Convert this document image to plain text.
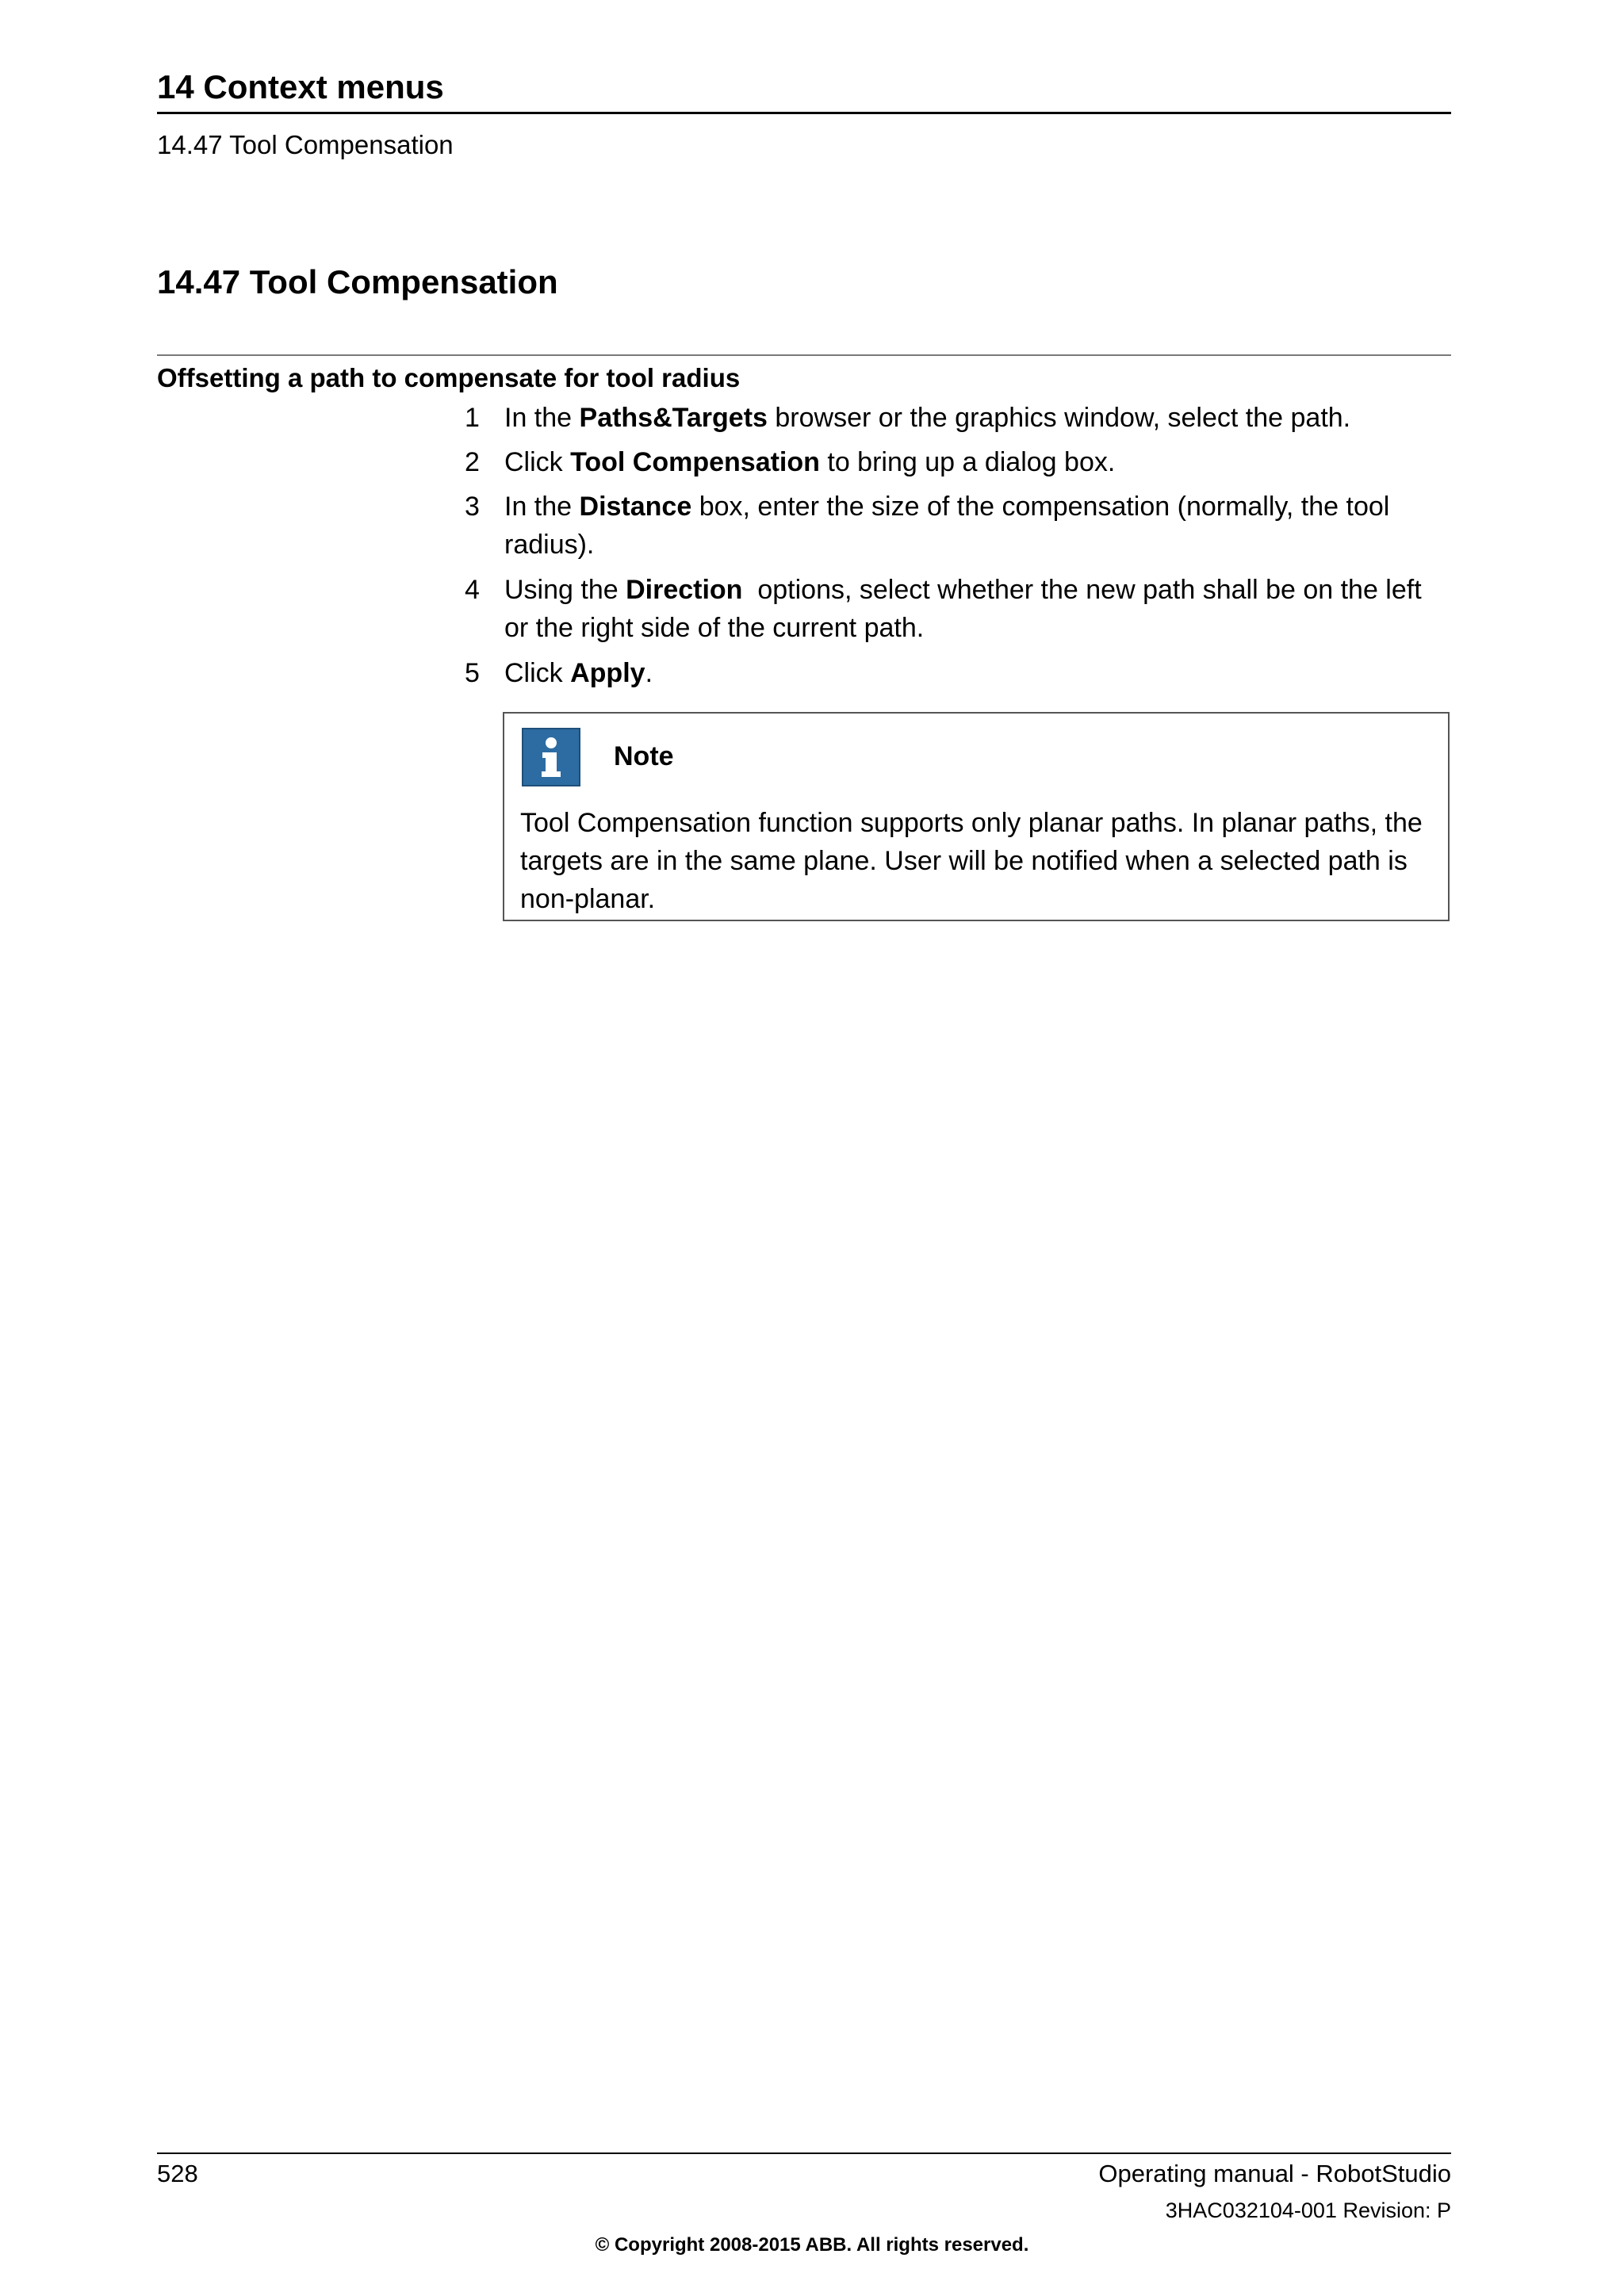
14 Context menus
14.47 Tool Compensation
14.47 Tool Compensation
Offsetting a path to compensate for tool radius
1 In the Paths&Targets browser or the graphics window, select the path.
2 Click Tool Compensation to bring up a dialog box.
3 In the Distance box, enter the size of the compensation (normally, the tool radius).
4 Using the Direction  options, select whether the new path shall be on the left or the right side of the current path.
5 Click Apply.
Note
Tool Compensation function supports only planar paths. In planar paths, the targets are in the same plane. User will be notified when a selected path is non-planar.
528	Operating manual - RobotStudio
3HAC032104-001 Revision: P
© Copyright 2008-2015 ABB. All rights reserved.
